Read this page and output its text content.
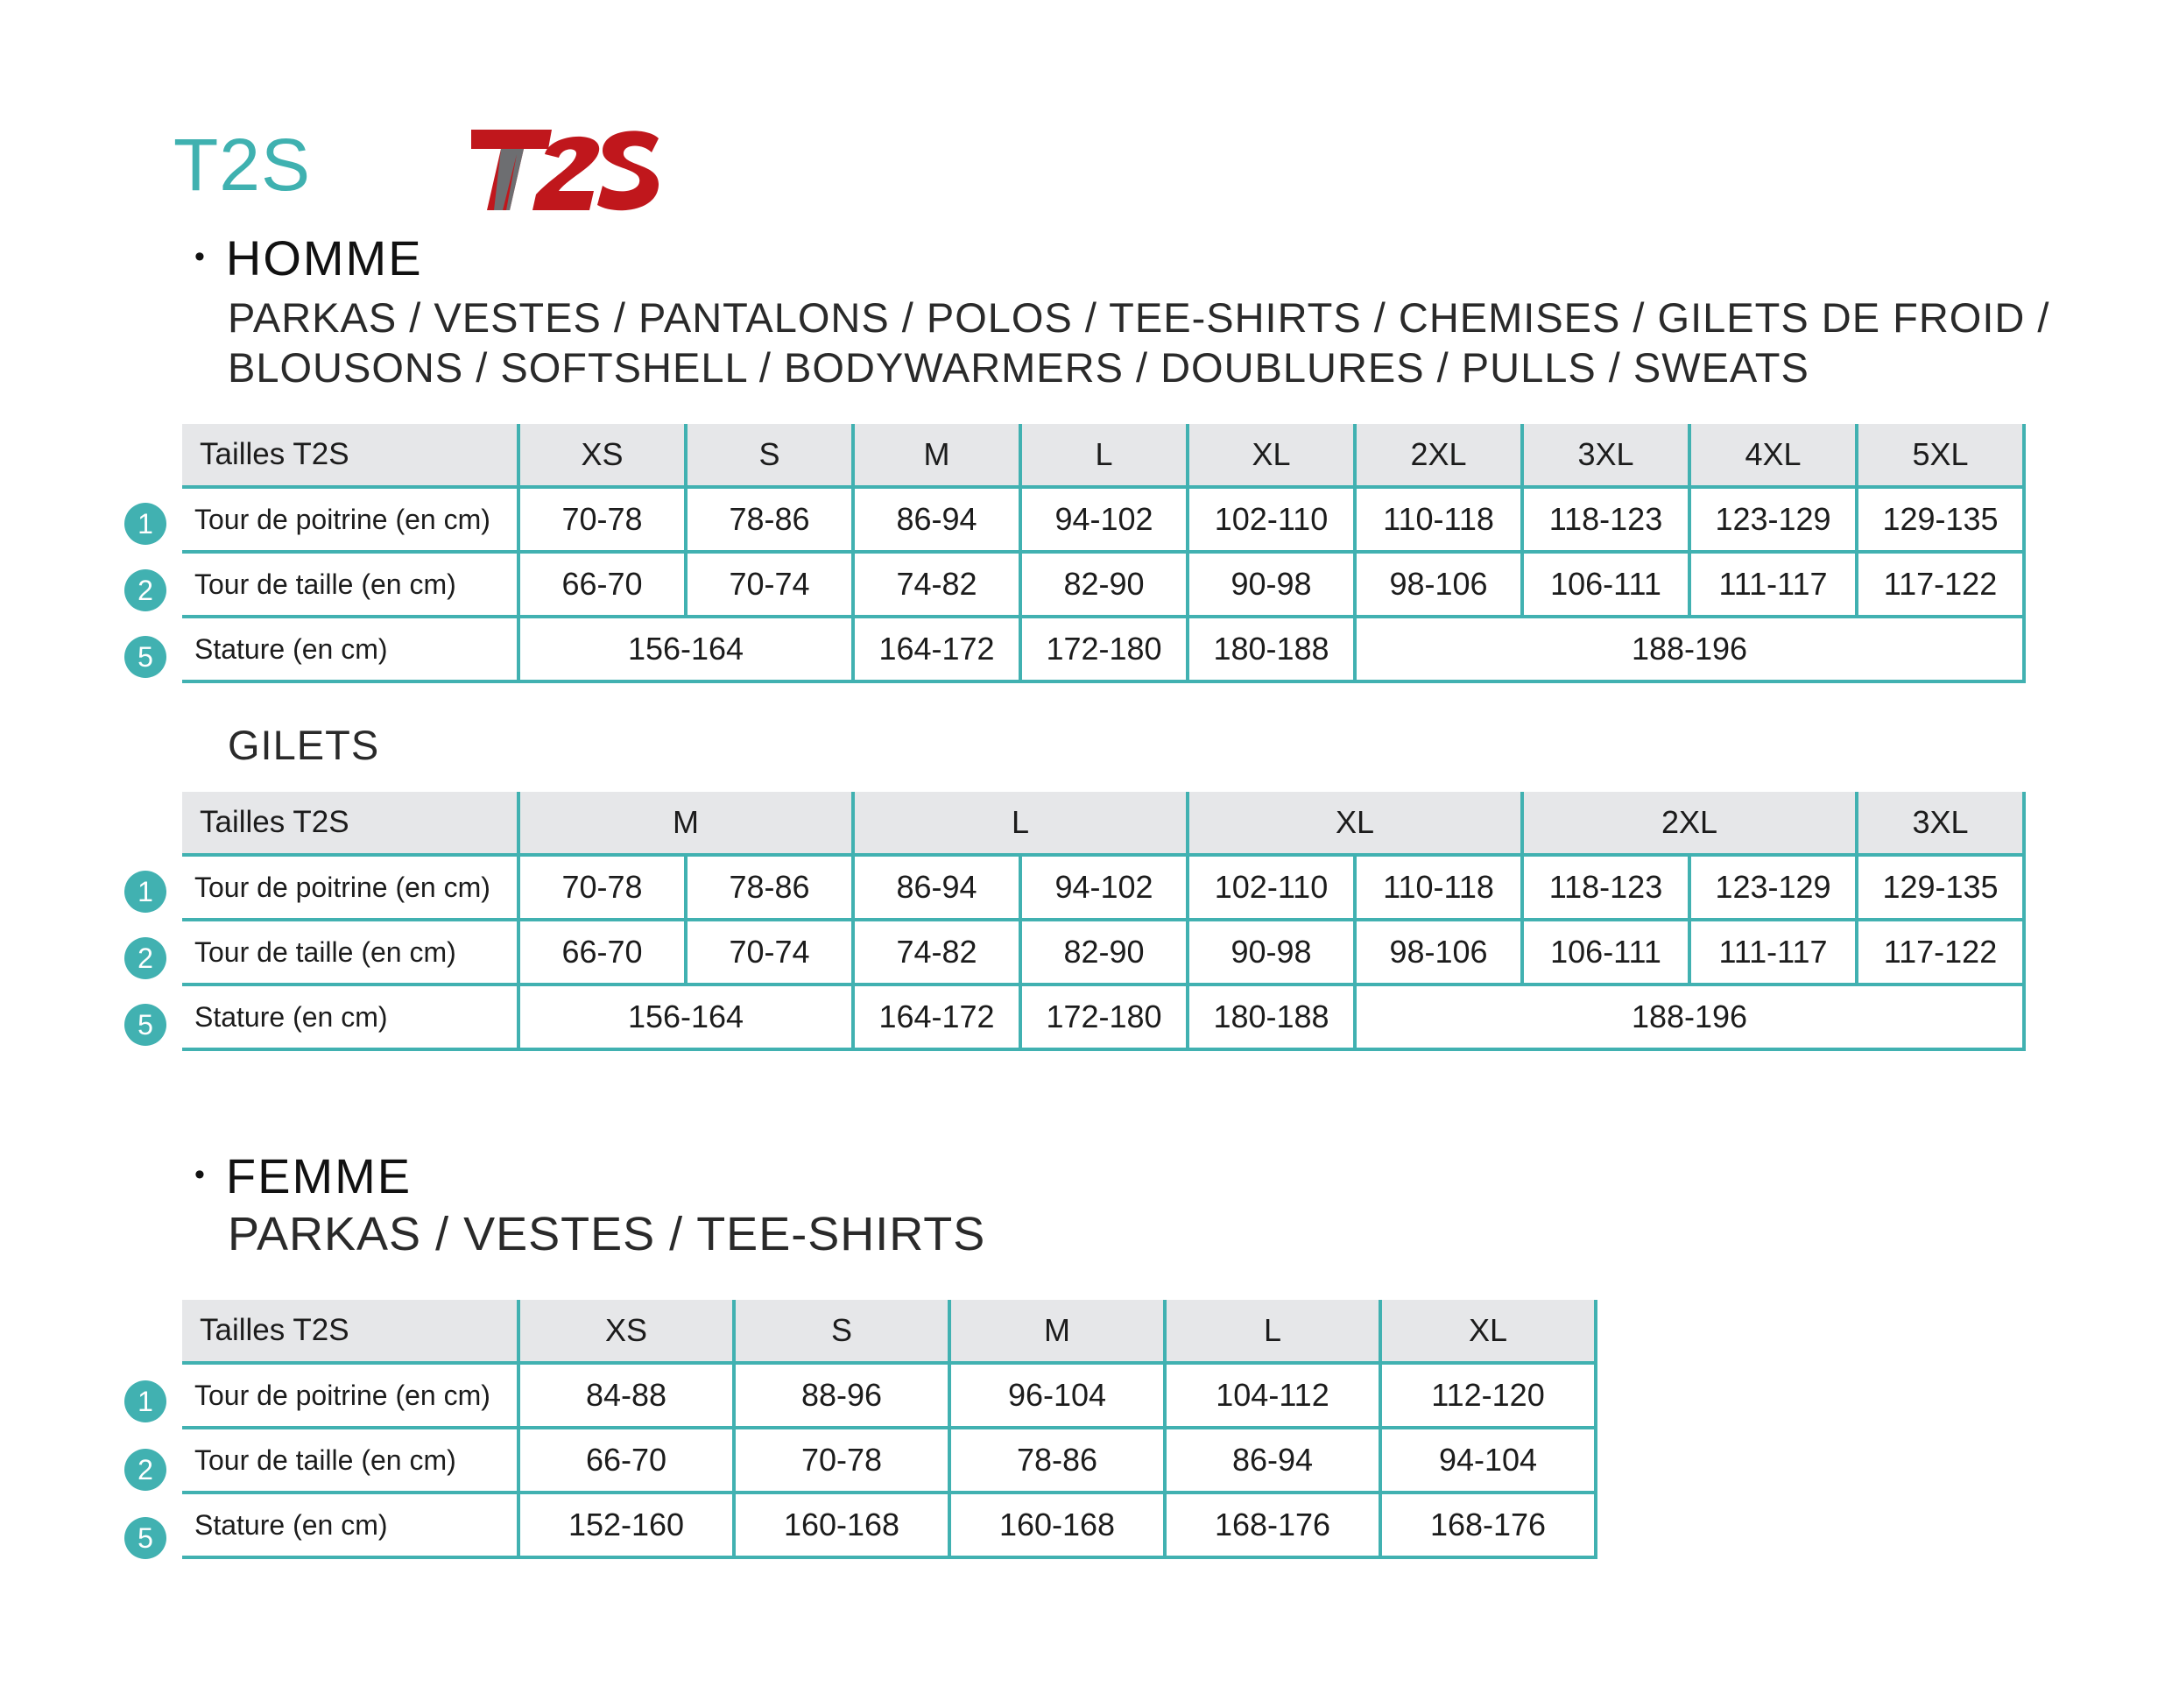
T2S
• HOMME
PARKAS / VESTES / PANTALONS / POLOS / TEE-SHIRTS / CHEMISES / GILETS DE FROID /
BLOUSONS / SOFTSHELL / BODYWARMERS / DOUBLURES / PULLS / SWEATS
Tailles T2S	XS	S	M	L	XL	2XL	3XL	4XL	5XL
Tour de poitrine (en cm)	70-78	78-86	86-94	94-102	102-110	110-118	118-123	123-129	129-135
Tour de taille (en cm)	66-70	70-74	74-82	82-90	90-98	98-106	106-111	111-117	117-122
Stature (en cm)	156-164		164-172	172-180	180-188	188-196			
1
2
5
GILETS
Tailles T2S	M		L		XL		2XL		3XL
Tour de poitrine (en cm)	70-78	78-86	86-94	94-102	102-110	110-118	118-123	123-129	129-135
Tour de taille (en cm)	66-70	70-74	74-82	82-90	90-98	98-106	106-111	111-117	117-122
Stature (en cm)	156-164		164-172	172-180	180-188	188-196			
1
2
5
• FEMME
PARKAS / VESTES / TEE-SHIRTS
Tailles T2S	XS	S	M	L	XL
Tour de poitrine (en cm)	84-88	88-96	96-104	104-112	112-120
Tour de taille (en cm)	66-70	70-78	78-86	86-94	94-104
Stature (en cm)	152-160	160-168	160-168	168-176	168-176
1
2
5
